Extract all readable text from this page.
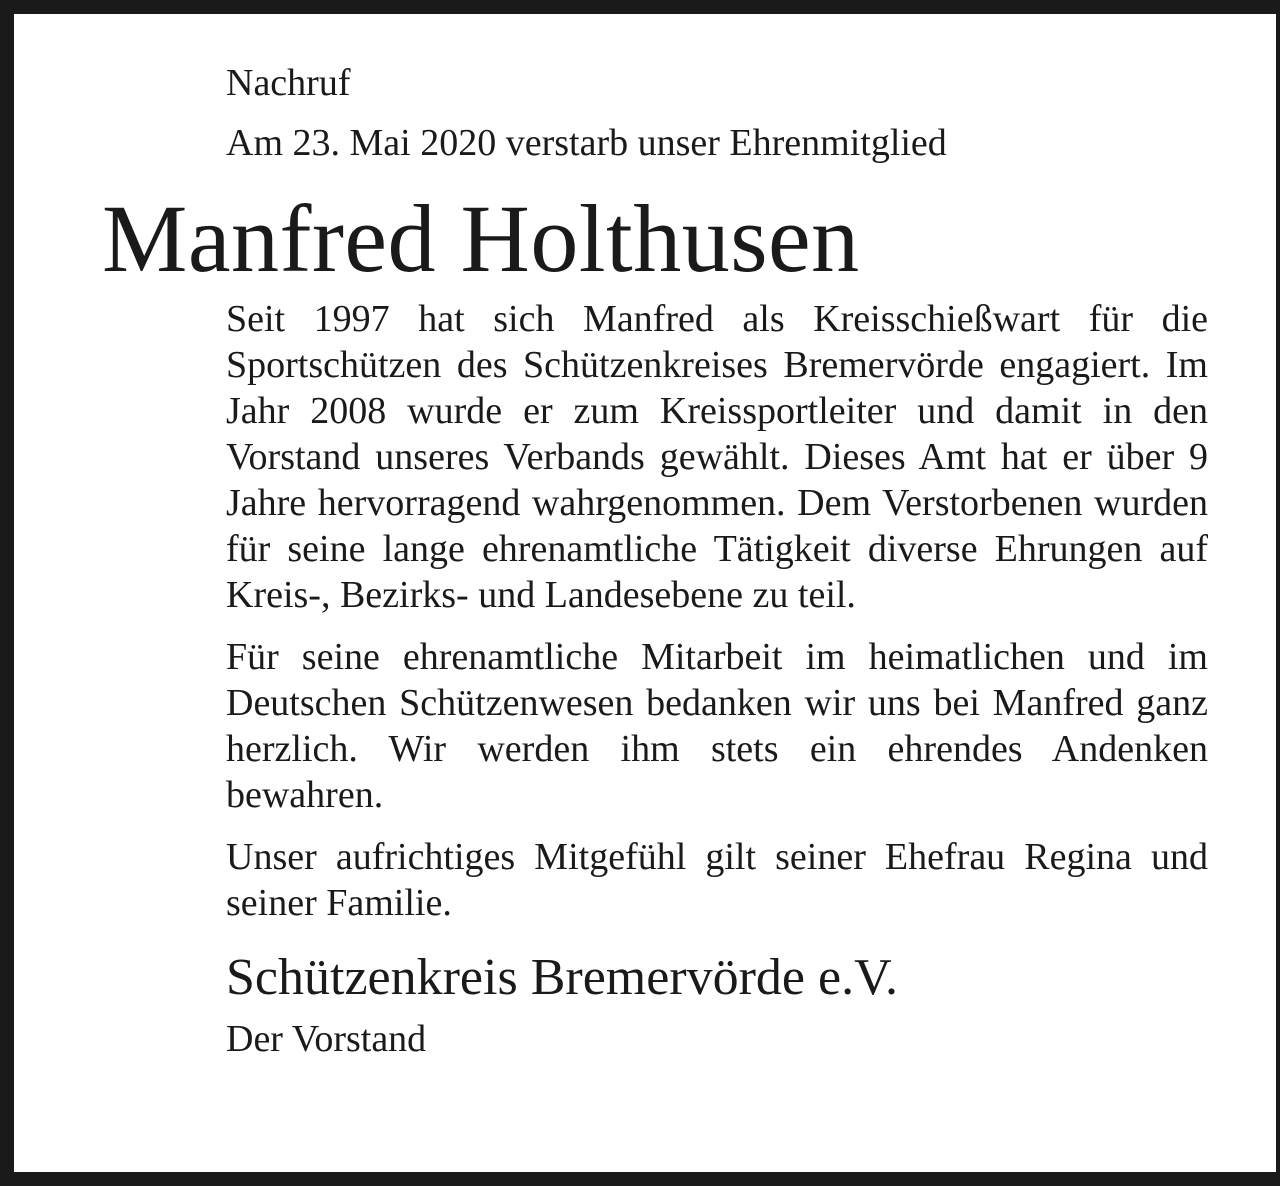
Nachruf

Am 23. Mai 2020 verstarb unser Ehrenmitglied

Manfred Holthusen

Seit 1997 hat sich Manfred als Kreisschießwart für die Sportschützen des Schützenkreises Bremervörde engagiert. Im Jahr 2008 wurde er zum Kreissportleiter und damit in den Vorstand unseres Verbands gewählt. Dieses Amt hat er über 9 Jahre hervorragend wahrgenommen. Dem Verstorbenen wurden für seine lange ehrenamtliche Tätigkeit diverse Ehrungen auf Kreis-, Bezirks- und Landesebene zu teil.

Für seine ehrenamtliche Mitarbeit im heimatlichen und im Deutschen Schützenwesen bedanken wir uns bei Manfred ganz herzlich. Wir werden ihm stets ein ehrendes Andenken bewahren.

Unser aufrichtiges Mitgefühl gilt seiner Ehefrau Regina und seiner Familie.

Schützenkreis Bremervörde e.V.

Der Vorstand
